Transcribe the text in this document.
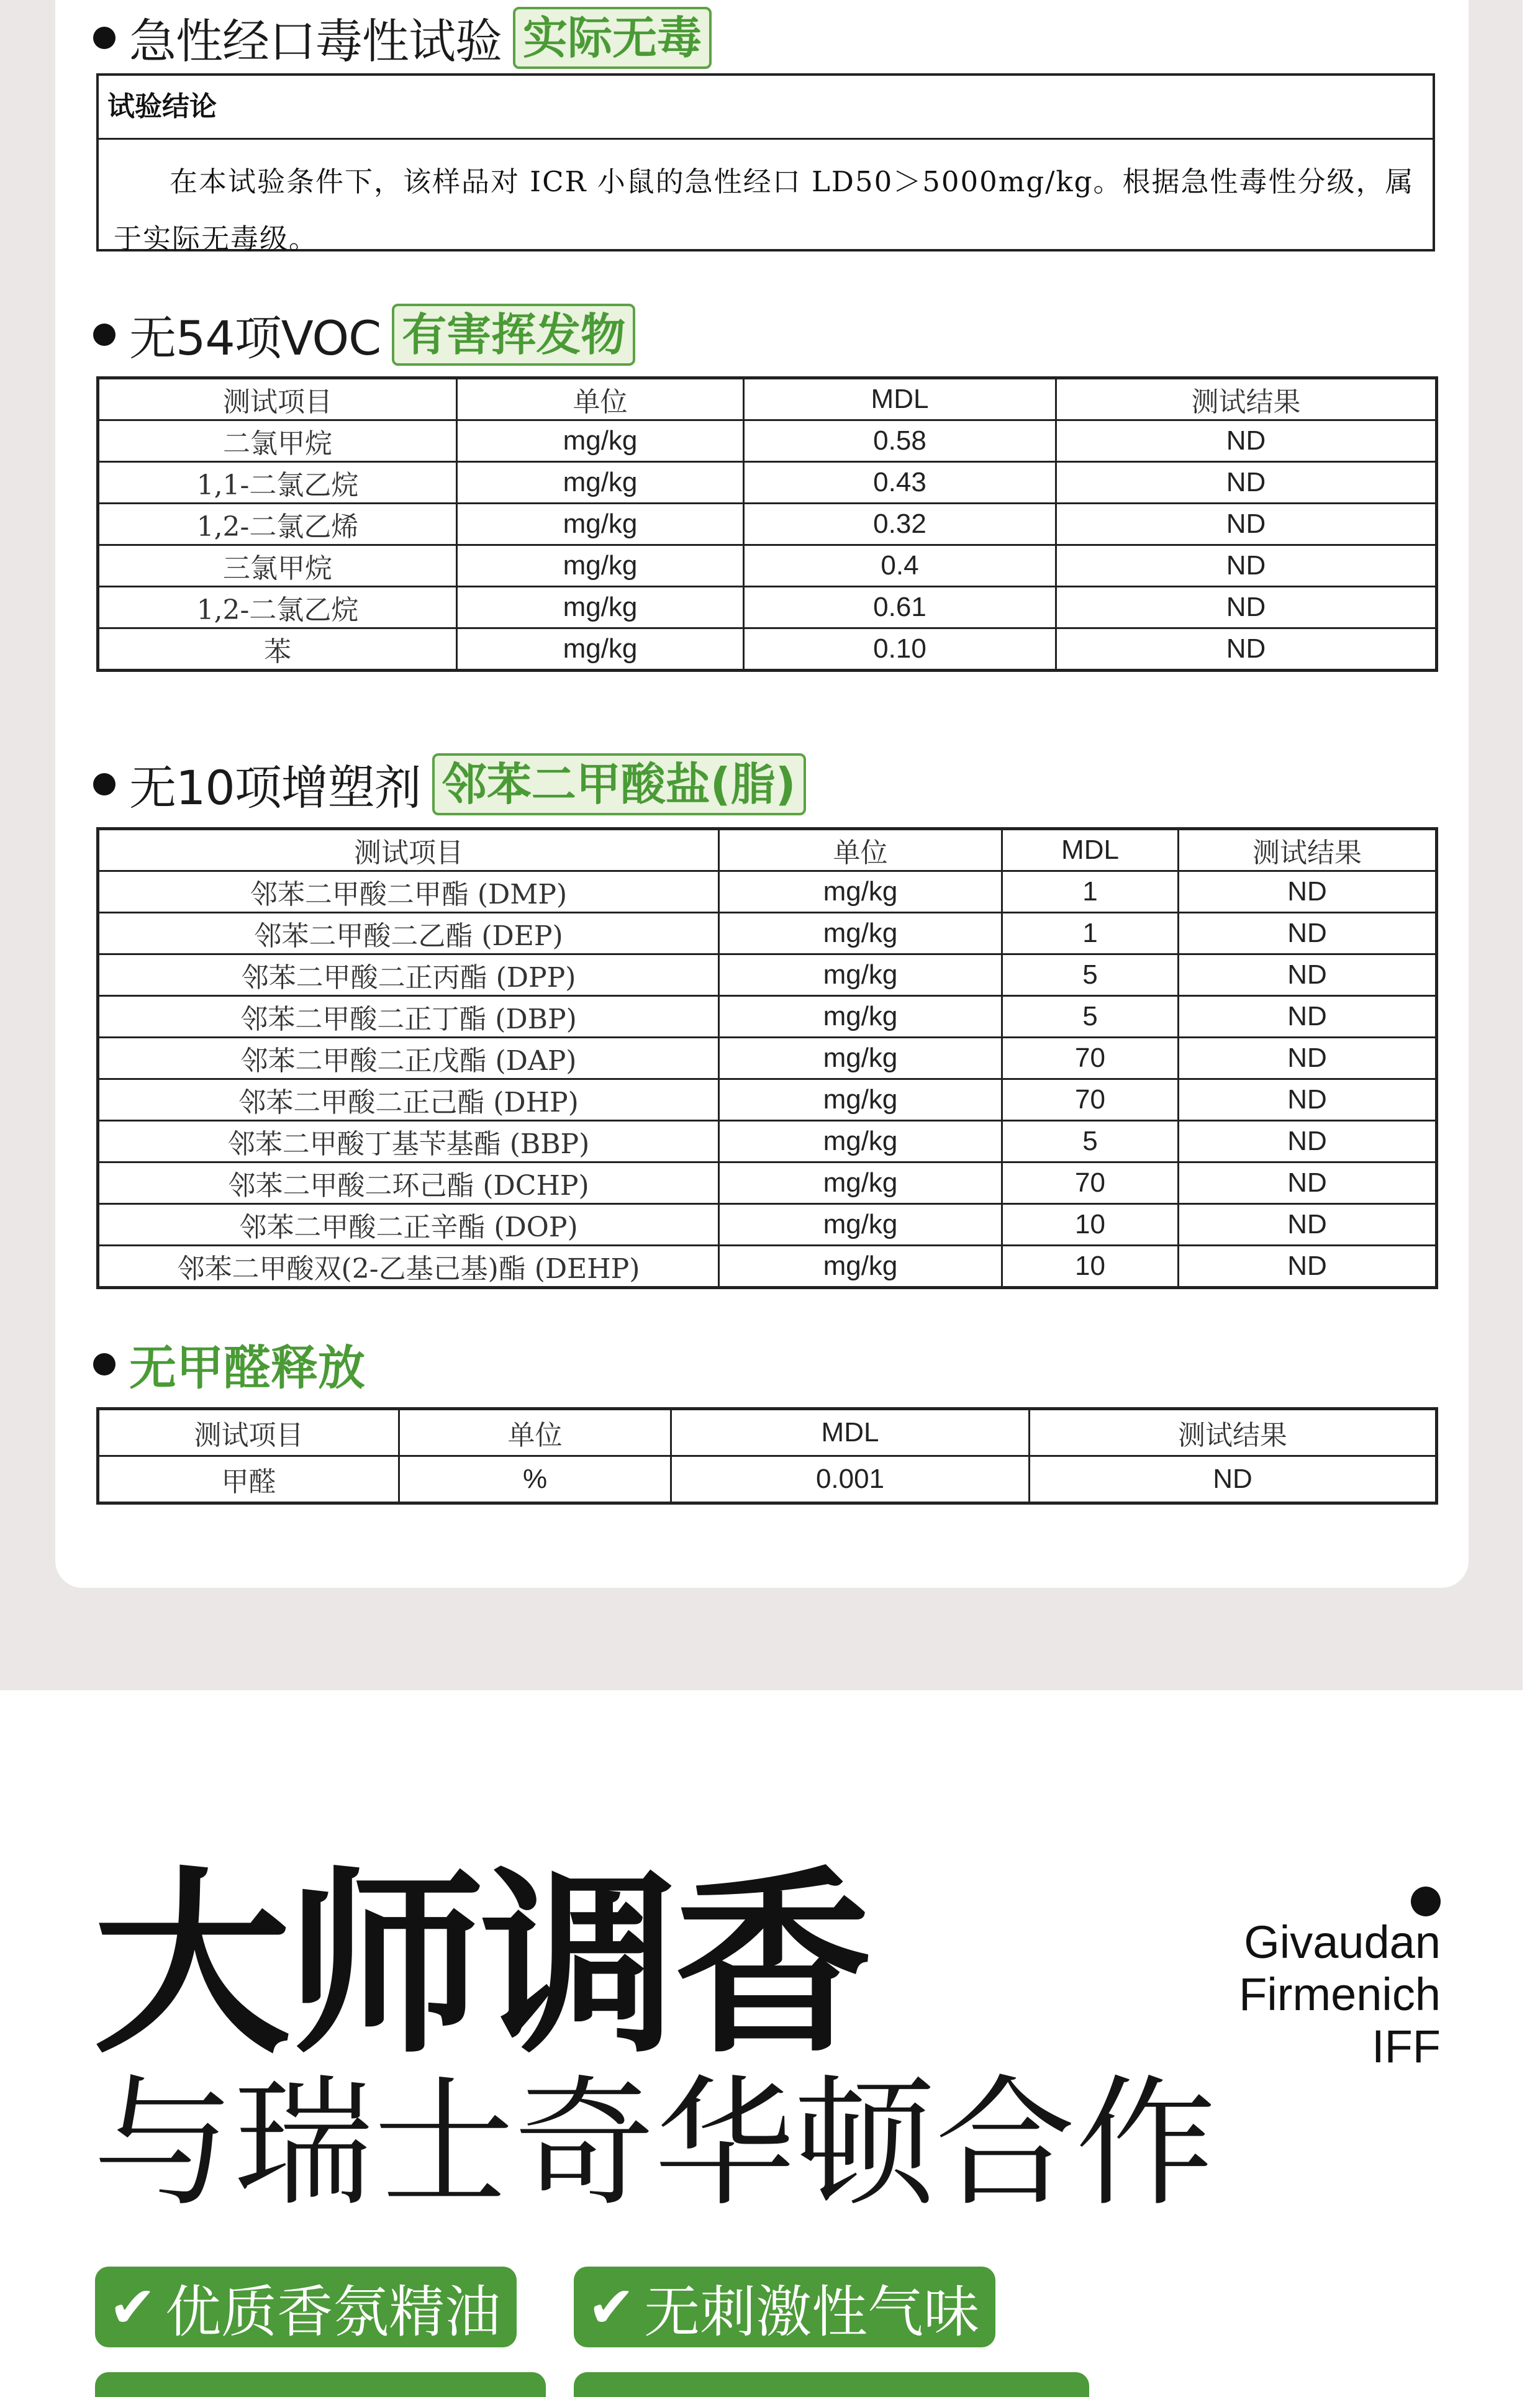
急性经口毒性试验 实际无毒
试验结论
在本试验条件下，该样品对 ICR 小鼠的急性经口 LD50＞5000mg/kg。根据急性毒性分级，属于实际无毒级。
无54项VOC 有害挥发物
测试项目	单位	MDL	测试结果
二氯甲烷	mg/kg	0.58	ND
1,1-二氯乙烷	mg/kg	0.43	ND
1,2-二氯乙烯	mg/kg	0.32	ND
三氯甲烷	mg/kg	0.4	ND
1,2-二氯乙烷	mg/kg	0.61	ND
苯	mg/kg	0.10	ND
无10项增塑剂 邻苯二甲酸盐(脂)
测试项目	单位	MDL	测试结果
邻苯二甲酸二甲酯 (DMP)	mg/kg	1	ND
邻苯二甲酸二乙酯 (DEP)	mg/kg	1	ND
邻苯二甲酸二正丙酯 (DPP)	mg/kg	5	ND
邻苯二甲酸二正丁酯 (DBP)	mg/kg	5	ND
邻苯二甲酸二正戊酯 (DAP)	mg/kg	70	ND
邻苯二甲酸二正己酯 (DHP)	mg/kg	70	ND
邻苯二甲酸丁基苄基酯 (BBP)	mg/kg	5	ND
邻苯二甲酸二环己酯 (DCHP)	mg/kg	70	ND
邻苯二甲酸二正辛酯 (DOP)	mg/kg	10	ND
邻苯二甲酸双(2-乙基己基)酯 (DEHP)	mg/kg	10	ND
无甲醛释放
测试项目	单位	MDL	测试结果
甲醛	%	0.001	ND
大师调香
与瑞士奇华顿合作
Givaudan
Firmenich
IFF
✔ 优质香氛精油 ✔ 无刺激性气味
